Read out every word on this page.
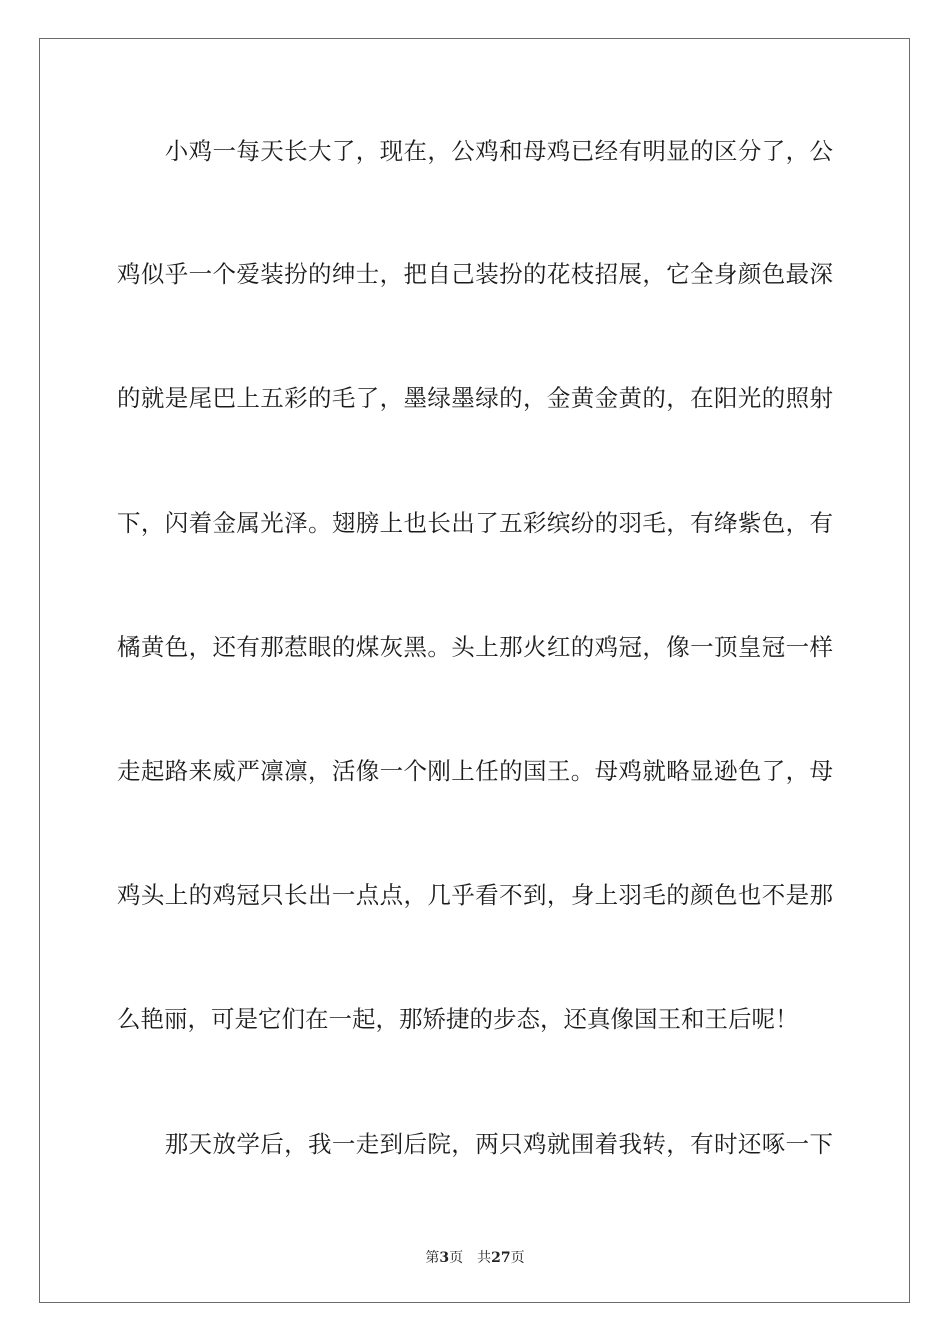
　　小鸡一每天长大了，现在，公鸡和母鸡已经有明显的区分了，公
鸡似乎一个爱装扮的绅士，把自己装扮的花枝招展，它全身颜色最深
的就是尾巴上五彩的毛了，墨绿墨绿的，金黄金黄的，在阳光的照射
下，闪着金属光泽。翅膀上也长出了五彩缤纷的羽毛，有绛紫色，有
橘黄色，还有那惹眼的煤灰黑。头上那火红的鸡冠，像一顶皇冠一样
走起路来威严凛凛，活像一个刚上任的国王。母鸡就略显逊色了，母
鸡头上的鸡冠只长出一点点，几乎看不到，身上羽毛的颜色也不是那
么艳丽，可是它们在一起，那矫捷的步态，还真像国王和王后呢！
　　那天放学后，我一走到后院，两只鸡就围着我转，有时还啄一下
第3页 共27页
